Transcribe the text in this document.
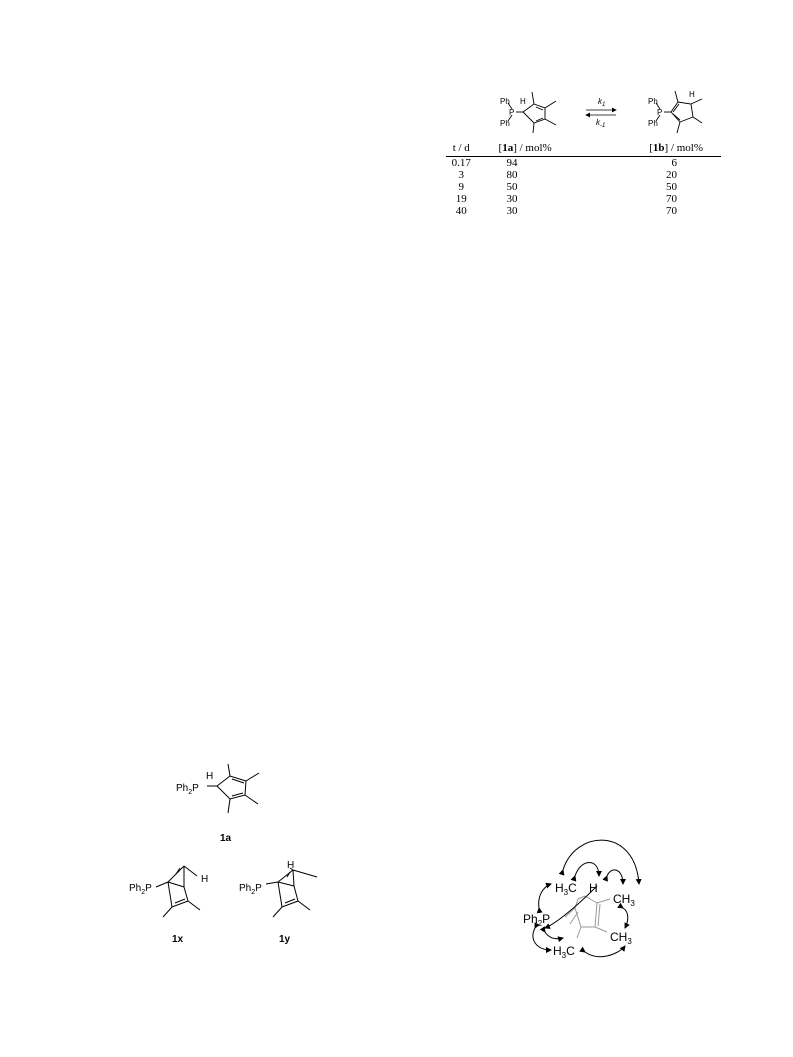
Ph
P
Ph
H	$k_1$
$k_{-1}$
Ph
P
Ph
H
t / d	[1a] / mol%	[1b] / mol%
0.17	94	6
3	80	20
9	50	50
19	30	70
40	30	70
H
$Ph_2P$
1a
H
$Ph_2P$
1x
H
$Ph_2P$
1y
$H_3C$ H
$CH_3$
$Ph_2P$
$CH_3$
$H_3C$
